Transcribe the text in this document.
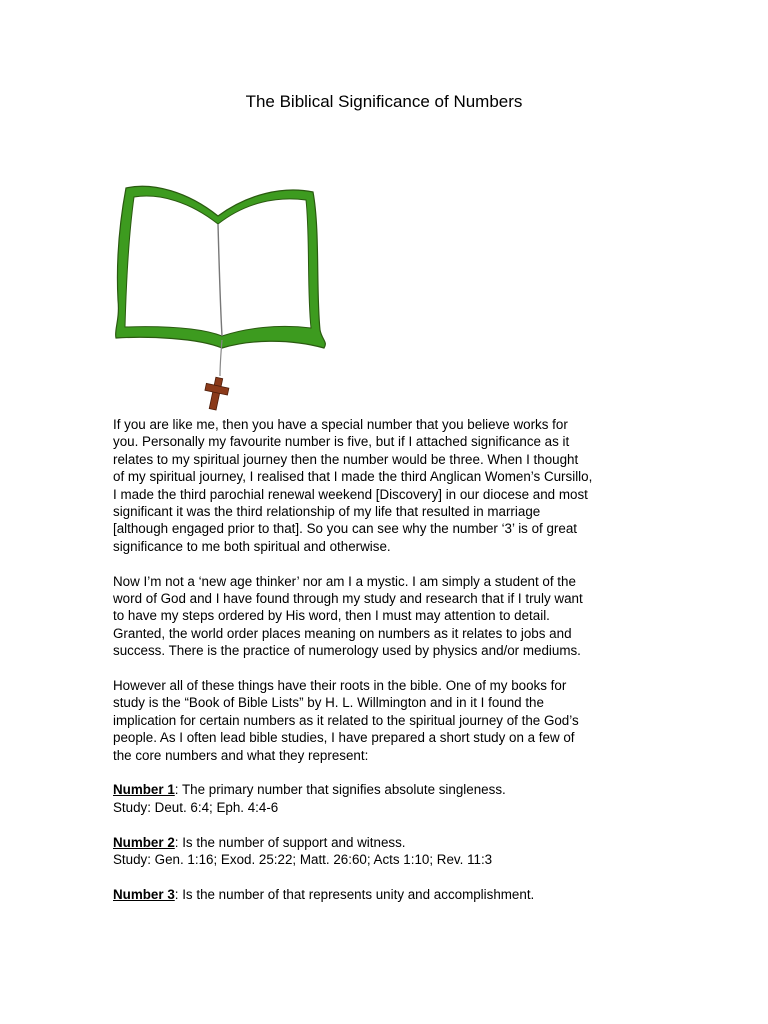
The Biblical Significance of Numbers

If you are like me, then you have a special number that you believe works for
you. Personally my favourite number is five, but if I attached significance as it
relates to my spiritual journey then the number would be three. When I thought
of my spiritual journey, I realised that I made the third Anglican Women’s Cursillo,
I made the third parochial renewal weekend [Discovery] in our diocese and most
significant it was the third relationship of my life that resulted in marriage
[although engaged prior to that]. So you can see why the number ‘3’ is of great
significance to me both spiritual and otherwise.

Now I’m not a ‘new age thinker’ nor am I a mystic. I am simply a student of the
word of God and I have found through my study and research that if I truly want
to have my steps ordered by His word, then I must may attention to detail.
Granted, the world order places meaning on numbers as it relates to jobs and
success. There is the practice of numerology used by physics and/or mediums.

However all of these things have their roots in the bible. One of my books for
study is the “Book of Bible Lists” by H. L. Willmington and in it I found the
implication for certain numbers as it related to the spiritual journey of the God’s
people. As I often lead bible studies, I have prepared a short study on a few of
the core numbers and what they represent:

Number 1: The primary number that signifies absolute singleness.
Study: Deut. 6:4; Eph. 4:4-6

Number 2: Is the number of support and witness.
Study: Gen. 1:16; Exod. 25:22; Matt. 26:60; Acts 1:10; Rev. 11:3

Number 3: Is the number of that represents unity and accomplishment.
